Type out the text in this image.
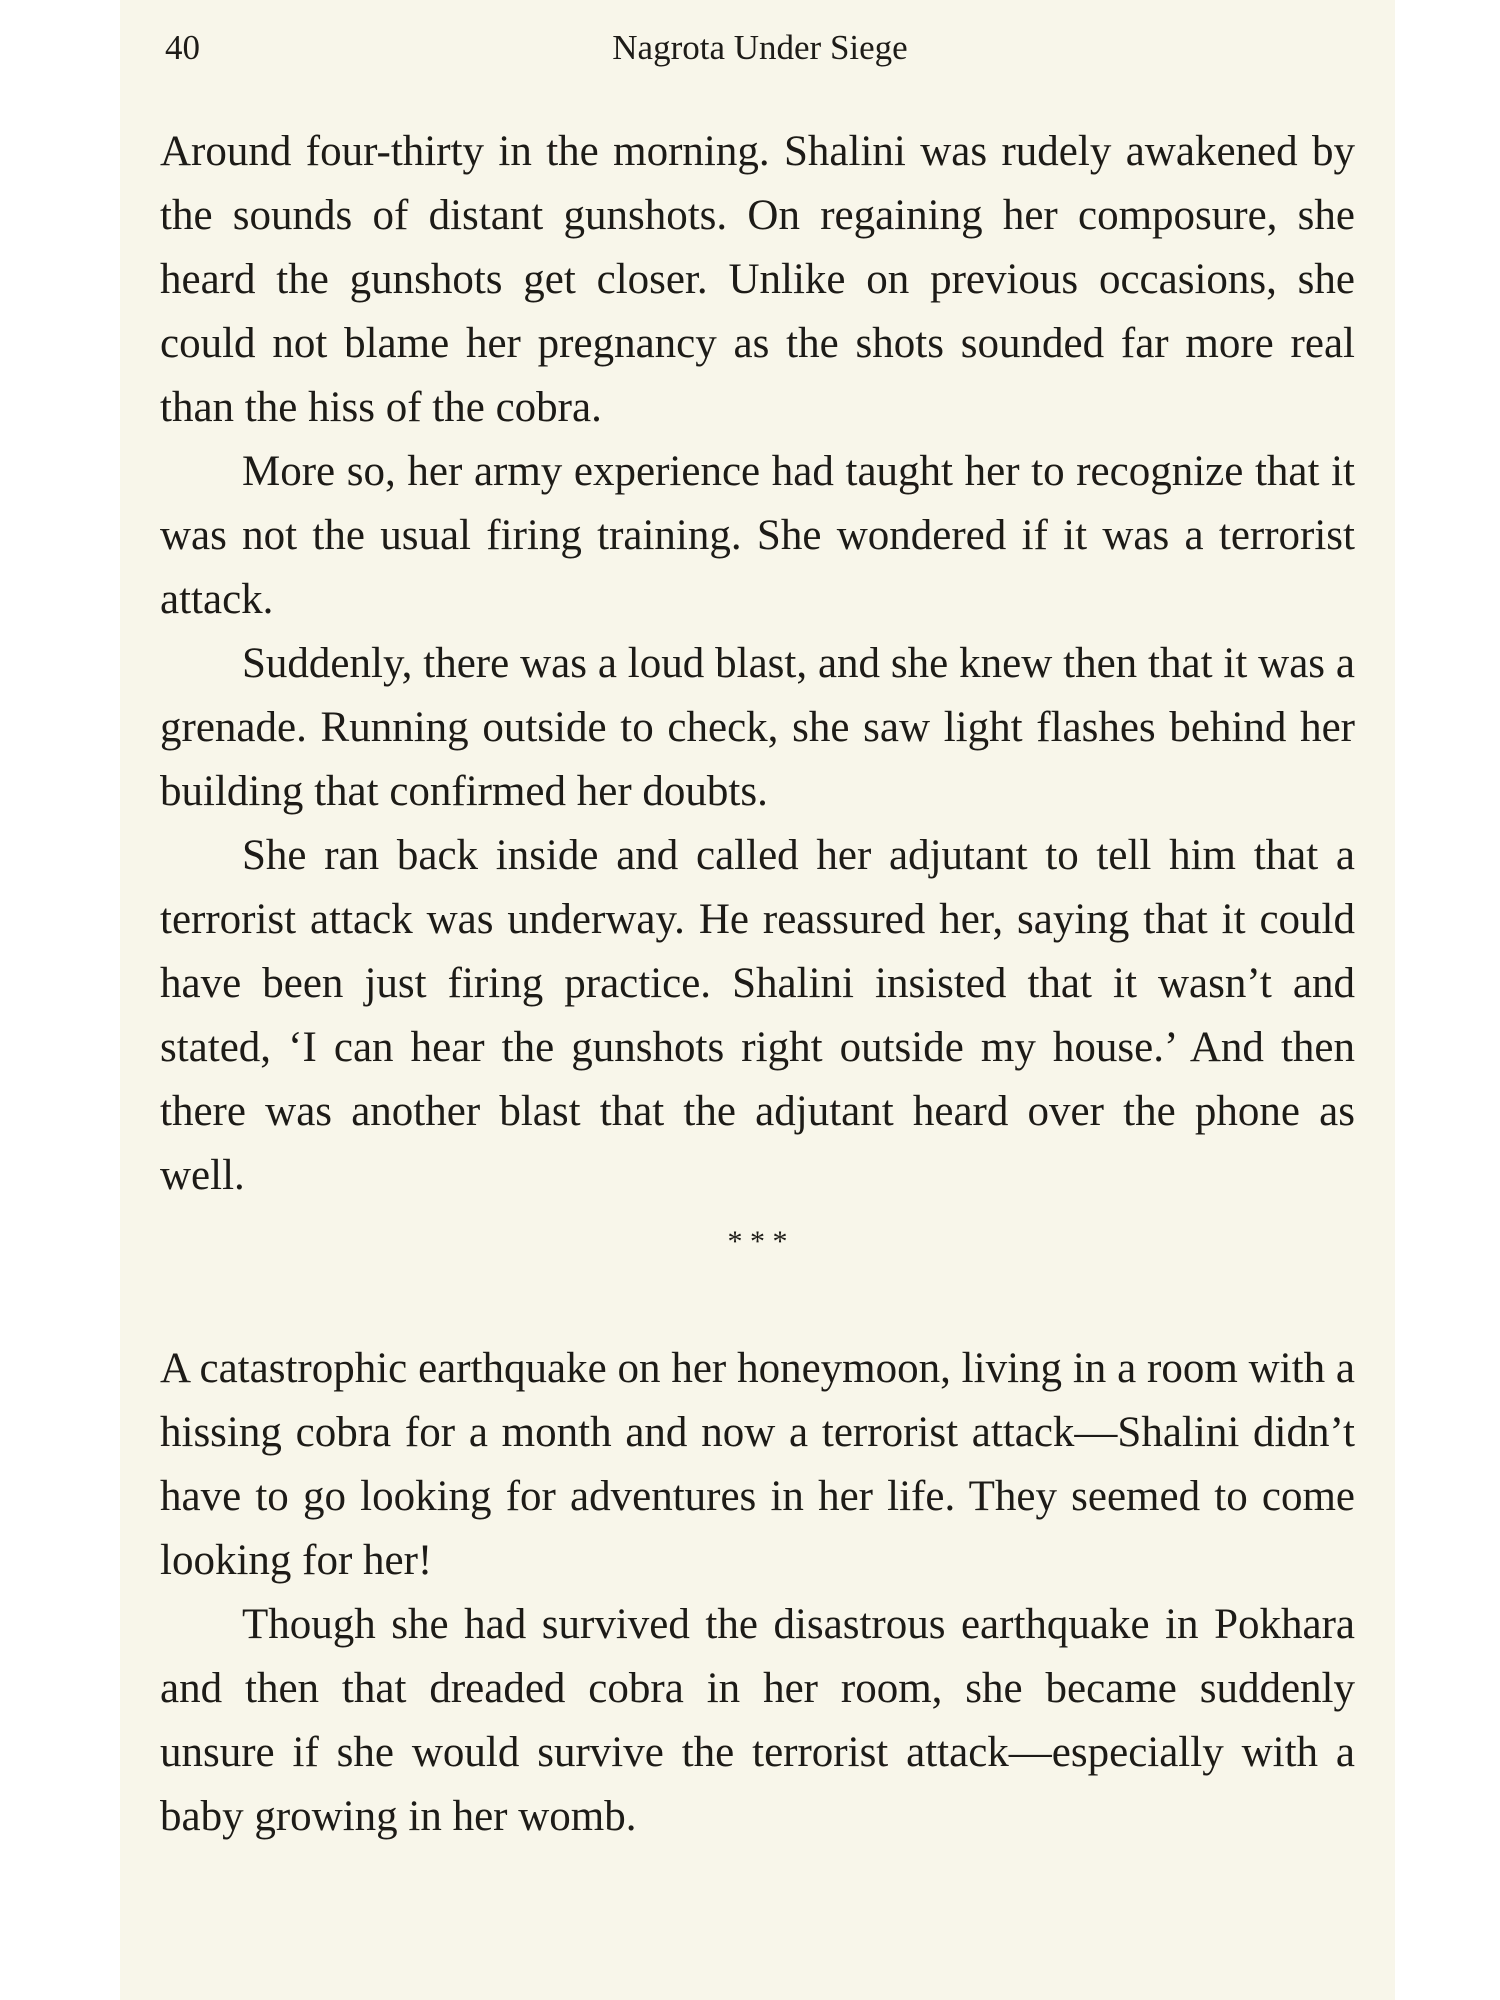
40	Nagrota Under Siege

Around four-thirty in the morning. Shalini was rudely awakened by the sounds of distant gunshots. On regaining her composure, she heard the gunshots get closer. Unlike on previous occasions, she could not blame her pregnancy as the shots sounded far more real than the hiss of the cobra.

More so, her army experience had taught her to recognize that it was not the usual firing training. She wondered if it was a terrorist attack.

Suddenly, there was a loud blast, and she knew then that it was a grenade. Running outside to check, she saw light flashes behind her building that confirmed her doubts.

She ran back inside and called her adjutant to tell him that a terrorist attack was underway. He reassured her, saying that it could have been just firing practice. Shalini insisted that it wasn’t and stated, ‘I can hear the gunshots right outside my house.’ And then there was another blast that the adjutant heard over the phone as well.

* * *

A catastrophic earthquake on her honeymoon, living in a room with a hissing cobra for a month and now a terrorist attack—Shalini didn’t have to go looking for adventures in her life. They seemed to come looking for her!

Though she had survived the disastrous earthquake in Pokhara and then that dreaded cobra in her room, she became suddenly unsure if she would survive the terrorist attack—especially with a baby growing in her womb.
